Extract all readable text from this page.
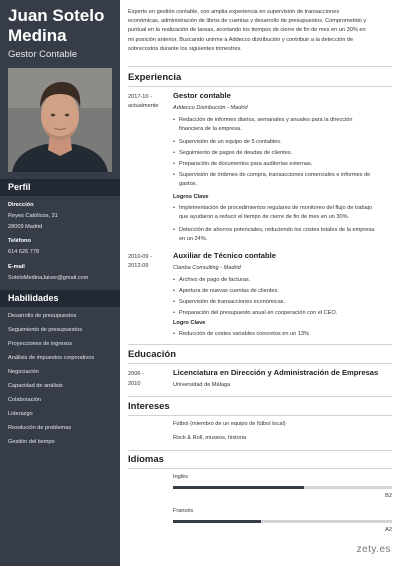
Juan Sotelo
Medina
Gestor Contable
Perfil
Dirección
Reyes Católicos, 31
28009 Madrid
Teléfono
614 626 778
E-mail
SoteloMedinaJaiver@gmail.com
Habilidades
Desarrollo de presupuestos
Seguimiento de presupuestos
Proyecciones de ingresos
Análisis de impuestos corporativos
Negociación
Capacidad de análisis
Colaboración
Liderazgo
Resolución de problemas
Gestión del tiempo
Experto en gestión contable, con amplia experiencia en supervisión de transacciones
económicas, administración de libros de cuentas y desarrollo de presupuestos. Comprometido y
puntual en la realización de tareas, acortando los tiempos de cierre de fin de mes en un 30% en
mi posición anterior. Buscando unirme a Addecco distribución y contribuir a la detección de
sobrecostos durante los siguientes trimestres.
Experiencia
2017-10 -
actualmente
Gestor contable
Addecco Distribución - Madrid
• Redacción de informes diarios, semanales y anuales para la dirección
financiera de la empresa.
• Supervisión de un equipo de 5 contables.
• Seguimiento de pagos de deudas de clientes.
• Preparación de documentos para auditorías externas.
• Supervisión de órdenes de compra, transacciones comerciales e informes de
gastos.
Logros Clave
• Implementación de procedimientos regulares de monitoreo del flujo de trabajo
que ayudaron a reducir el tiempo de cierre de fin de mes en un 30%.
• Detección de ahorros potenciales, reduciendo los costes totales de la empresa
en un 24%.
2010-09 -
2012-09
Auxiliar de Técnico contable
Clanba Consulting - Madrid
• Archivo de pago de facturas.
• Apertura de nuevas cuentas de clientes.
• Supervisión de transacciones económicas.
• Preparación del presupuesto anual en cooperación con el CEO.
Logro Clave
• Reducción de costes variables concretos en un 13%
Educación
2006 -
2010
Licenciatura en Dirección y Administración de Empresas
Universidad de Málaga
Intereses
Fútbol (miembro de un equipo de fútbol local)
Rock & Roll, museos, historia
Idiomas
Inglés
B2
Francés
A2
zety.es
